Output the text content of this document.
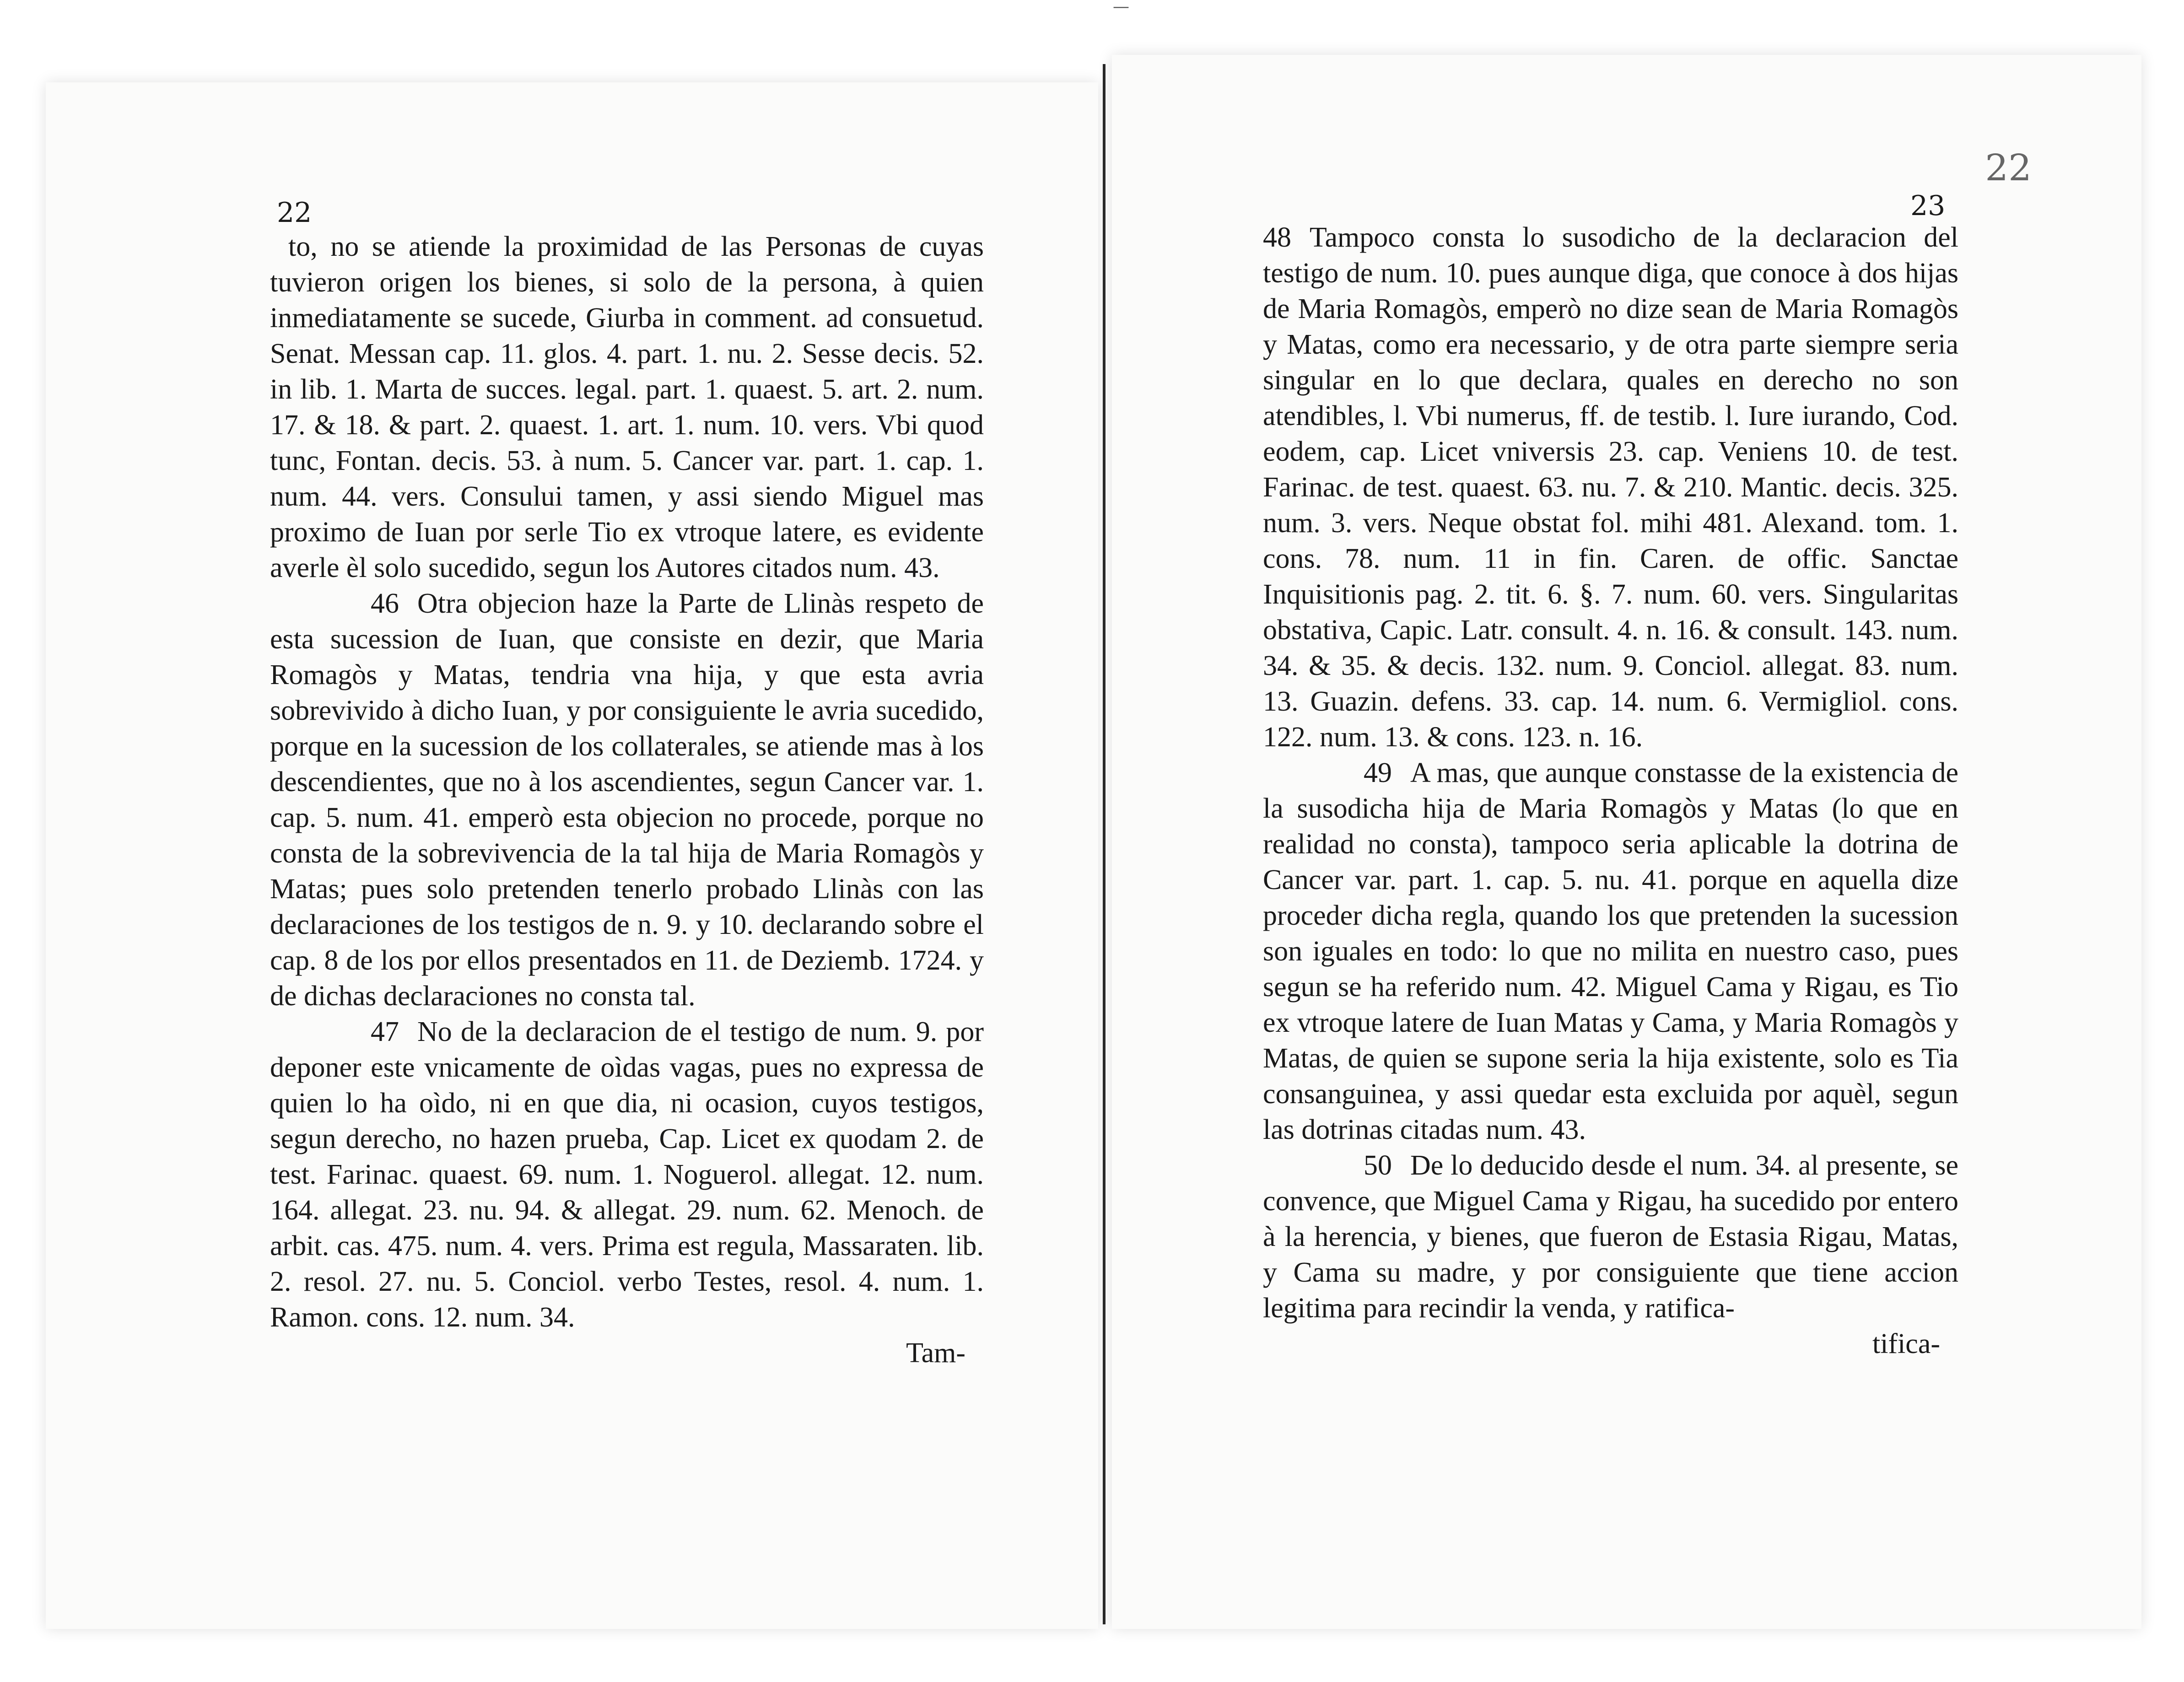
—
22

to, no se atiende la proximidad de las Personas de cuyas tuvieron origen los bienes, si solo de la persona, à quien inmediatamente se sucede, Giurba in comment. ad consuetud. Senat. Messan cap. 11. glos. 4. part. 1. nu. 2. Sesse decis. 52. in lib. 1. Marta de succes. legal. part. 1. quaest. 5. art. 2. num. 17. & 18. & part. 2. quaest. 1. art. 1. num. 10. vers. Vbi quod tunc, Fontan. decis. 53. à num. 5. Cancer var. part. 1. cap. 1. num. 44. vers. Consului tamen, y assi siendo Miguel mas proximo de Iuan por serle Tio ex vtroque latere, es evidente averle èl solo sucedido, segun los Autores citados num. 43.

46 Otra objecion haze la Parte de Llinàs respeto de esta sucession de Iuan, que consiste en dezir, que Maria Romagòs y Matas, tendria vna hija, y que esta avria sobrevivido à dicho Iuan, y por consiguiente le avria sucedido, porque en la sucession de los collaterales, se atiende mas à los descendientes, que no à los ascendientes, segun Cancer var. 1. cap. 5. num. 41. emperò esta objecion no procede, porque no consta de la sobrevivencia de la tal hija de Maria Romagòs y Matas; pues solo pretenden tenerlo probado Llinàs con las declaraciones de los testigos de n. 9. y 10. declarando sobre el cap. 8 de los por ellos presentados en 11. de Deziemb. 1724. y de dichas declaraciones no consta tal.

47 No de la declaracion de el testigo de num. 9. por deponer este vnicamente de oìdas vagas, pues no expressa de quien lo ha oìdo, ni en que dia, ni ocasion, cuyos testigos, segun derecho, no hazen prueba, Cap. Licet ex quodam 2. de test. Farinac. quaest. 69. num. 1. Noguerol. allegat. 12. num. 164. allegat. 23. nu. 94. & allegat. 29. num. 62. Menoch. de arbit. cas. 475. num. 4. vers. Prima est regula, Massaraten. lib. 2. resol. 27. nu. 5. Conciol. verbo Testes, resol. 4. num. 1. Ramon. cons. 12. num. 34.

Tam-

22
23

48 Tampoco consta lo susodicho de la declaracion del testigo de num. 10. pues aunque diga, que conoce à dos hijas de Maria Romagòs, emperò no dize sean de Maria Romagòs y Matas, como era necessario, y de otra parte siempre seria singular en lo que declara, quales en derecho no son atendibles, l. Vbi numerus, ff. de testib. l. Iure iurando, Cod. eodem, cap. Licet vniversis 23. cap. Veniens 10. de test. Farinac. de test. quaest. 63. nu. 7. & 210. Mantic. decis. 325. num. 3. vers. Neque obstat fol. mihi 481. Alexand. tom. 1. cons. 78. num. 11 in fin. Caren. de offic. Sanctae Inquisitionis pag. 2. tit. 6. §. 7. num. 60. vers. Singularitas obstativa, Capic. Latr. consult. 4. n. 16. & consult. 143. num. 34. & 35. & decis. 132. num. 9. Conciol. allegat. 83. num. 13. Guazin. defens. 33. cap. 14. num. 6. Vermigliol. cons. 122. num. 13. & cons. 123. n. 16.

49 A mas, que aunque constasse de la existencia de la susodicha hija de Maria Romagòs y Matas (lo que en realidad no consta), tampoco seria aplicable la dotrina de Cancer var. part. 1. cap. 5. nu. 41. porque en aquella dize proceder dicha regla, quando los que pretenden la sucession son iguales en todo: lo que no milita en nuestro caso, pues segun se ha referido num. 42. Miguel Cama y Rigau, es Tio ex vtroque latere de Iuan Matas y Cama, y Maria Romagòs y Matas, de quien se supone seria la hija existente, solo es Tia consanguinea, y assi quedar esta excluida por aquèl, segun las dotrinas citadas num. 43.

50 De lo deducido desde el num. 34. al presente, se convence, que Miguel Cama y Rigau, ha sucedido por entero à la herencia, y bienes, que fueron de Estasia Rigau, Matas, y Cama su madre, y por consiguiente que tiene accion legitima para recindir la venda, y ratifica-

tifica-
